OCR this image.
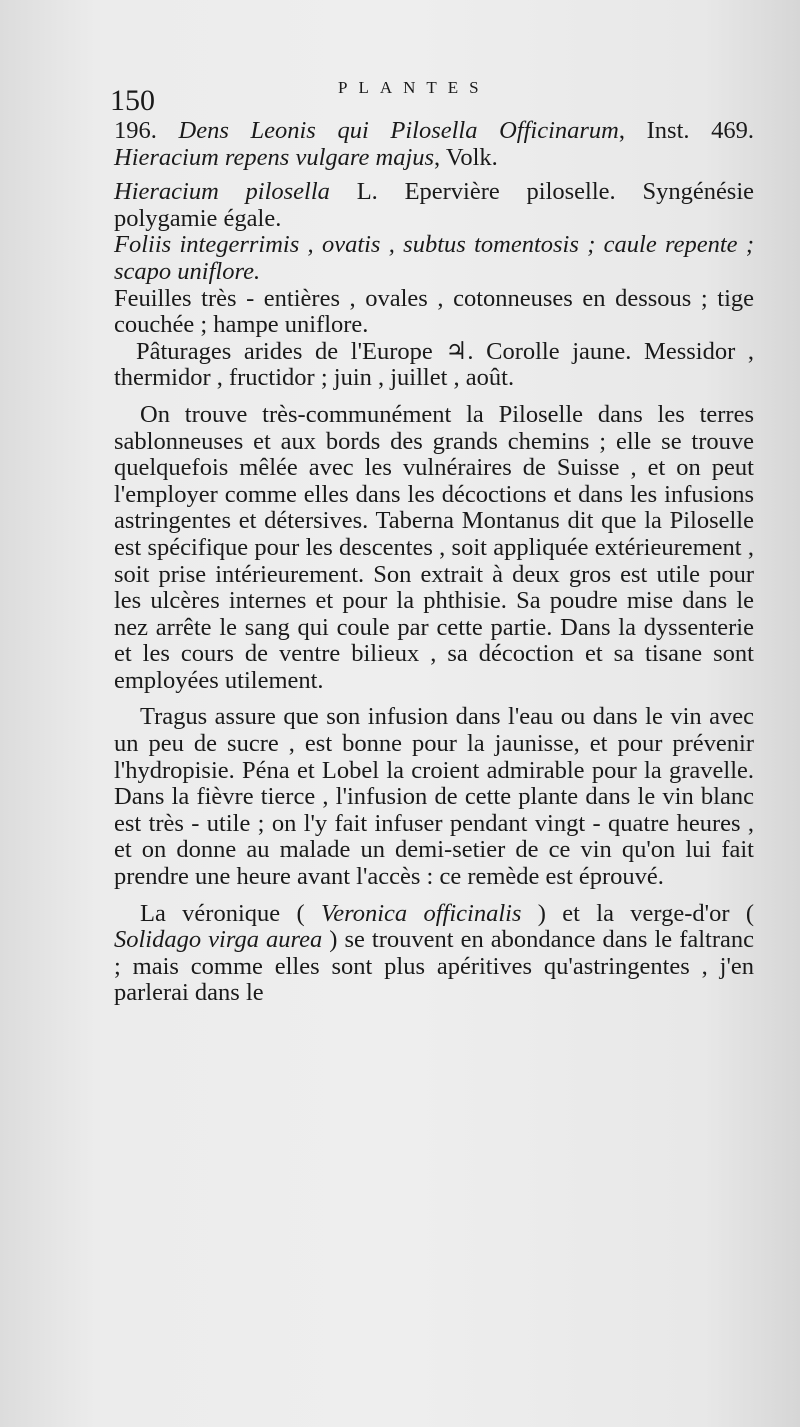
150	PLANTES

196. Dens Leonis qui Pilosella Officinarum, Inst. 469. Hieracium repens vulgare majus, Volk.

Hieracium pilosella L. Epervière piloselle. Syngénésie polygamie égale.

Foliis integerrimis , ovatis , subtus tomentosis ; caule repente ; scapo uniflore.

Feuilles très - entières , ovales , cotonneuses en dessous ; tige couchée ; hampe uniflore.

Pâturages arides de l'Europe ♃. Corolle jaune. Messidor , thermidor , fructidor ; juin , juillet , août.

On trouve très-communément la Piloselle dans les terres sablonneuses et aux bords des grands chemins ; elle se trouve quelquefois mêlée avec les vulnéraires de Suisse , et on peut l'employer comme elles dans les décoctions et dans les infusions astringentes et détersives. Taberna Montanus dit que la Piloselle est spécifique pour les descentes , soit appliquée extérieurement , soit prise intérieurement. Son extrait à deux gros est utile pour les ulcères internes et pour la phthisie. Sa poudre mise dans le nez arrête le sang qui coule par cette partie. Dans la dyssenterie et les cours de ventre bilieux , sa décoction et sa tisane sont employées utilement.

Tragus assure que son infusion dans l'eau ou dans le vin avec un peu de sucre , est bonne pour la jaunisse, et pour prévenir l'hydropisie. Péna et Lobel la croient admirable pour la gravelle. Dans la fièvre tierce , l'infusion de cette plante dans le vin blanc est très - utile ; on l'y fait infuser pendant vingt - quatre heures , et on donne au malade un demi-setier de ce vin qu'on lui fait prendre une heure avant l'accès : ce remède est éprouvé.

La véronique ( Veronica officinalis ) et la verge-d'or ( Solidago virga aurea ) se trouvent en abondance dans le faltranc ; mais comme elles sont plus apéritives qu'astringentes , j'en parlerai dans le
